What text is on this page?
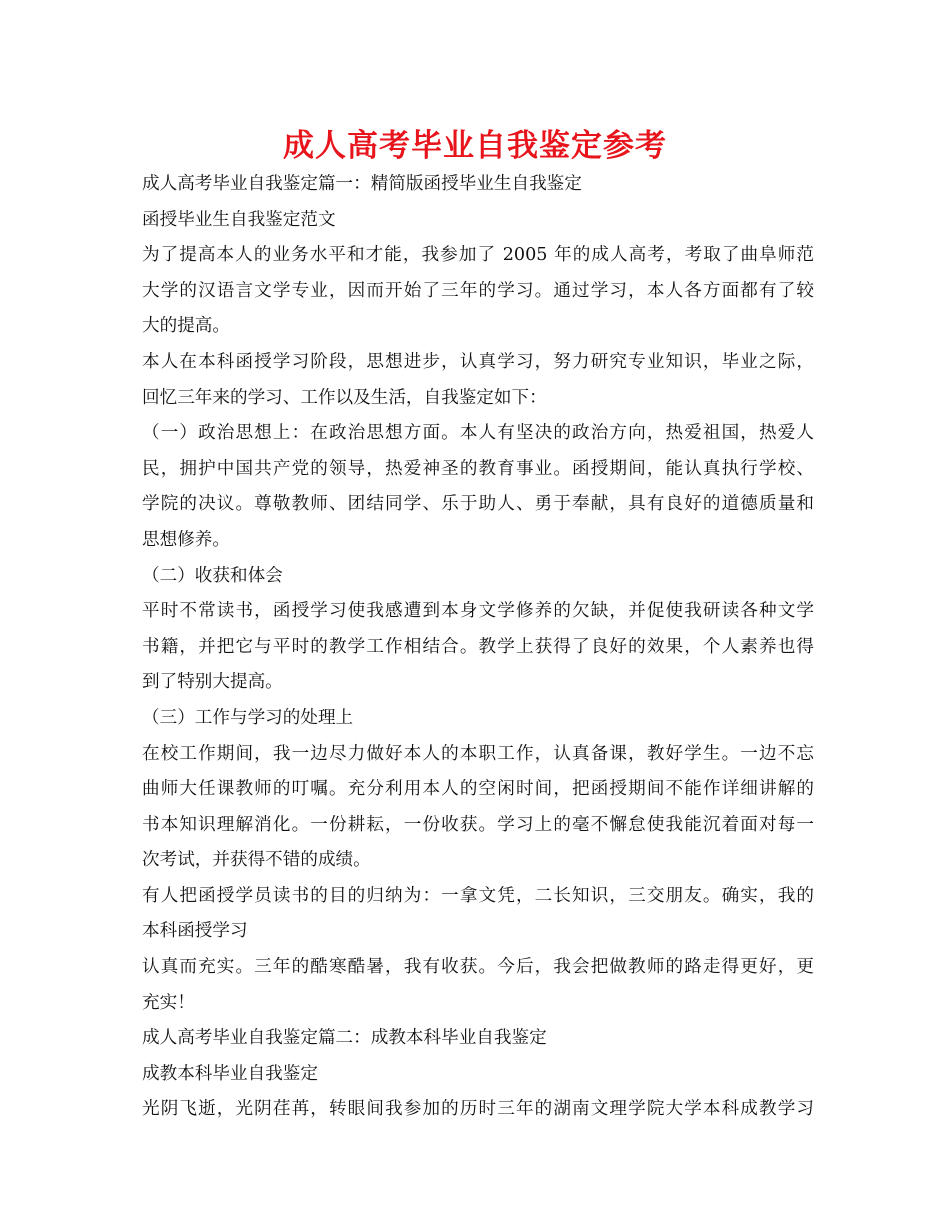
成人高考毕业自我鉴定参考
成人高考毕业自我鉴定篇一：精简版函授毕业生自我鉴定
函授毕业生自我鉴定范文
为了提高本人的业务水平和才能，我参加了 2005 年的成人高考，考取了曲阜师范
大学的汉语言文学专业，因而开始了三年的学习。通过学习，本人各方面都有了较
大的提高。
本人在本科函授学习阶段，思想进步，认真学习，努力研究专业知识，毕业之际，
回忆三年来的学习、工作以及生活，自我鉴定如下：
（一）政治思想上：在政治思想方面。本人有坚决的政治方向，热爱祖国，热爱人
民，拥护中国共产党的领导，热爱神圣的教育事业。函授期间，能认真执行学校、
学院的决议。尊敬教师、团结同学、乐于助人、勇于奉献，具有良好的道德质量和
思想修养。
（二）收获和体会
平时不常读书，函授学习使我感遭到本身文学修养的欠缺，并促使我研读各种文学
书籍，并把它与平时的教学工作相结合。教学上获得了良好的效果，个人素养也得
到了特别大提高。
（三）工作与学习的处理上
在校工作期间，我一边尽力做好本人的本职工作，认真备课，教好学生。一边不忘
曲师大任课教师的叮嘱。充分利用本人的空闲时间，把函授期间不能作详细讲解的
书本知识理解消化。一份耕耘，一份收获。学习上的毫不懈怠使我能沉着面对每一
次考试，并获得不错的成绩。
有人把函授学员读书的目的归纳为：一拿文凭，二长知识，三交朋友。确实，我的
本科函授学习
认真而充实。三年的酷寒酷暑，我有收获。今后，我会把做教师的路走得更好，更
充实！
成人高考毕业自我鉴定篇二：成教本科毕业自我鉴定
成教本科毕业自我鉴定
光阴飞逝，光阴荏苒，转眼间我参加的历时三年的湖南文理学院大学本科成教学习
